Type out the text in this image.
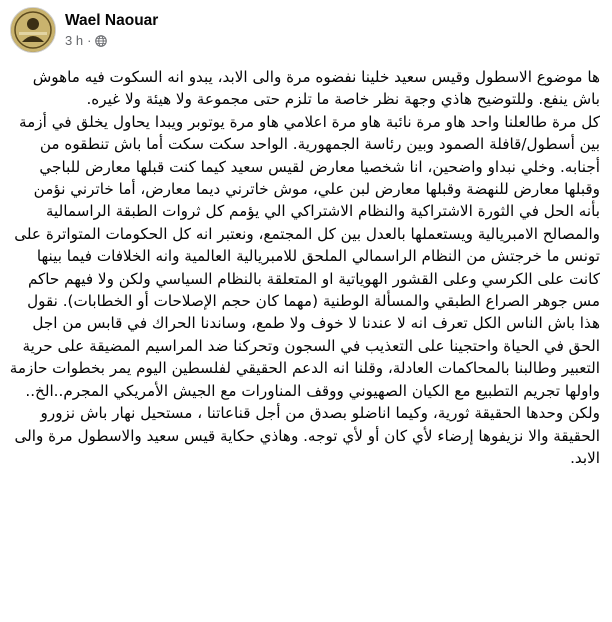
Wael Naouar
3 h ·

ها موضوع الاسطول وقيس سعيد خلينا نفضوه مرة والى الابد، يبدو انه السكوت فيه ماهوش باش ينفع. وللتوضيح هاذي وجهة نظر خاصة ما تلزم حتى مجموعة ولا هيئة ولا غيره.

كل مرة طالعلنا واحد هاو مرة نائبة هاو مرة اعلامي هاو مرة يوتوبر ويبدا يحاول يخلق في أزمة بين أسطول/قافلة الصمود وبين رئاسة الجمهورية. الواحد سكت سكت أما باش تنطقوه من أجنابه. وخلي نبداو واضحين، انا شخصيا معارض لقيس سعيد كيما كنت قبلها معارض للباجي وقبلها معارض للنهضة وقبلها معارض لبن علي، موش خاترني ديما معارض، أما خاترني نؤمن بأنه الحل في الثورة الاشتراكية والنظام الاشتراكي الي يؤمم كل ثروات الطبقة الراسمالية والمصالح الامبريالية ويستعملها بالعدل بين كل المجتمع، ونعتبر انه كل الحكومات المتواترة على تونس ما خرجتش من النظام الراسمالي الملحق للامبريالية العالمية وانه الخلافات فيما بينها كانت على الكرسي وعلى القشور الهوياتية او المتعلقة بالنظام السياسي ولكن ولا فيهم حاكم مس جوهر الصراع الطبقي والمسألة الوطنية (مهما كان حجم الإصلاحات أو الخطابات). نقول هذا باش الناس الكل تعرف انه لا عندنا لا خوف ولا طمع، وساندنا الحراك في قابس من اجل الحق في الحياة واحتجينا على التعذيب في السجون وتحركنا ضد المراسيم المضيقة على حرية التعبير وطالبنا بالمحاكمات العادلة، وقلنا انه الدعم الحقيقي لفلسطين اليوم يمر بخطوات حازمة واولها تجريم التطبيع مع الكيان الصهيوني ووقف المناورات مع الجيش الأمريكي المجرم..الخ.. ولكن وحدها الحقيقة ثورية، وكيما اناضلو بصدق من أجل قناعاتنا ، مستحيل نهار باش نزورو الحقيقة والا نزيفوها إرضاء لأي كان أو لأي توجه. وهاذي حكاية قيس سعيد والاسطول مرة والى الابد.
